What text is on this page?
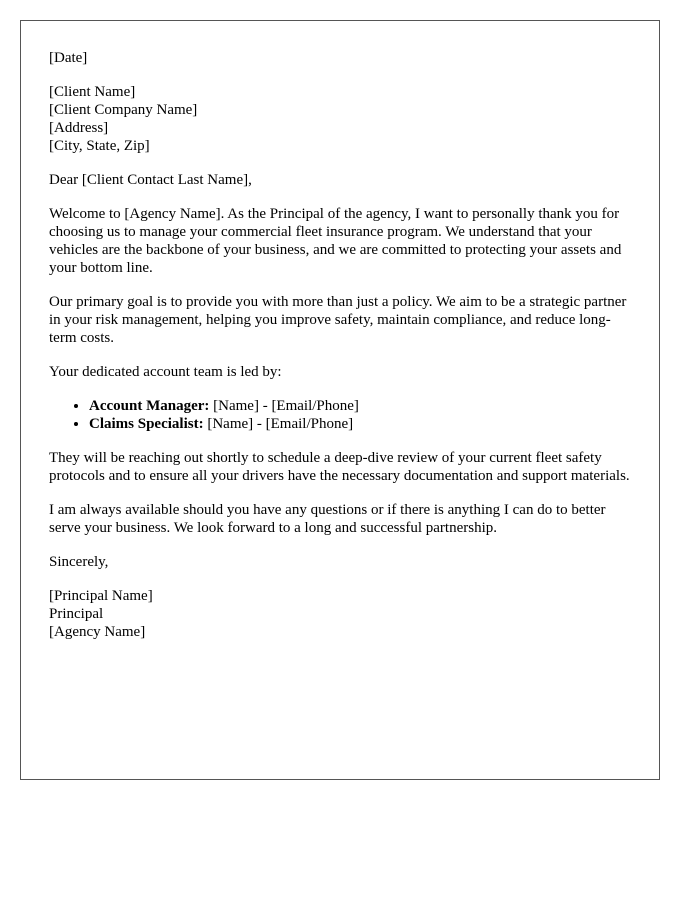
[Date]

[Client Name]
[Client Company Name]
[Address]
[City, State, Zip]

Dear [Client Contact Last Name],

Welcome to [Agency Name]. As the Principal of the agency, I want to personally thank you for choosing us to manage your commercial fleet insurance program. We understand that your vehicles are the backbone of your business, and we are committed to protecting your assets and your bottom line.

Our primary goal is to provide you with more than just a policy. We aim to be a strategic partner in your risk management, helping you improve safety, maintain compliance, and reduce long-term costs.

Your dedicated account team is led by:

• Account Manager: [Name] - [Email/Phone]
• Claims Specialist: [Name] - [Email/Phone]

They will be reaching out shortly to schedule a deep-dive review of your current fleet safety protocols and to ensure all your drivers have the necessary documentation and support materials.

I am always available should you have any questions or if there is anything I can do to better serve your business. We look forward to a long and successful partnership.

Sincerely,

[Principal Name]
Principal
[Agency Name]
